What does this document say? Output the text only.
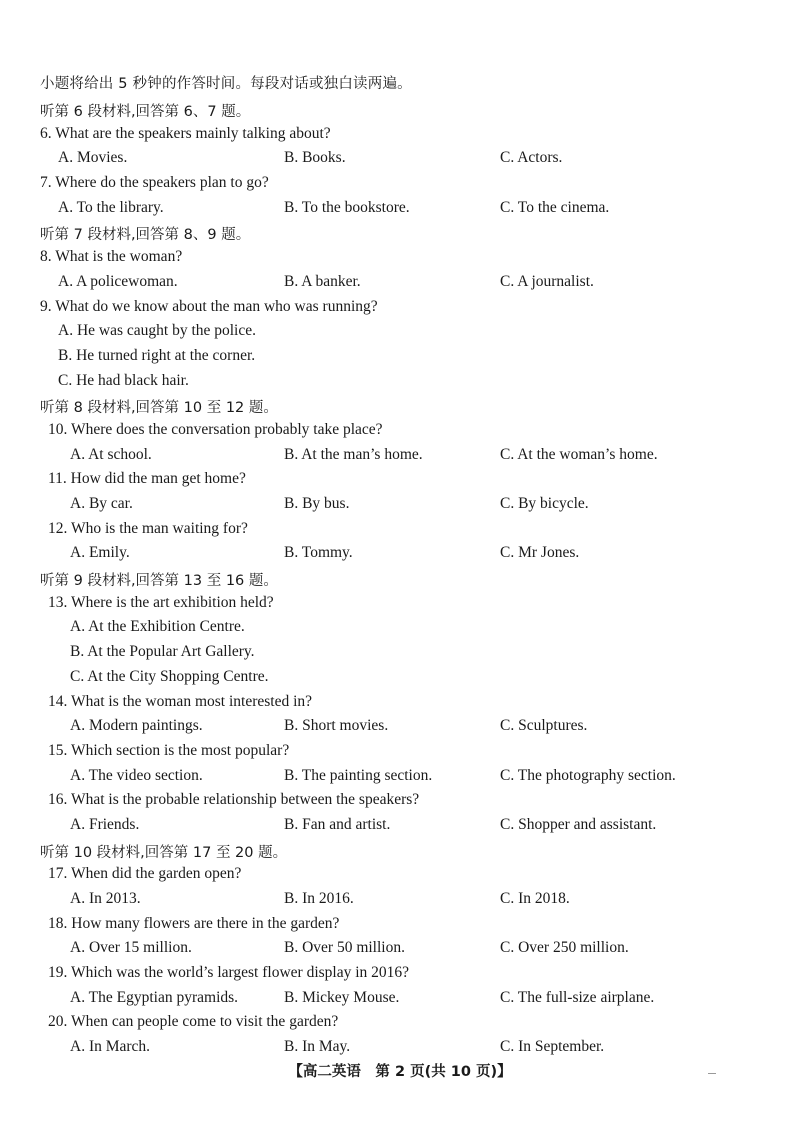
小题将给出 5 秒钟的作答时间。每段对话或独白读两遍。
听第 6 段材料,回答第 6、7 题。
6. What are the speakers mainly talking about?
A. Movies.	B. Books.	C. Actors.
7. Where do the speakers plan to go?
A. To the library.	B. To the bookstore.	C. To the cinema.
听第 7 段材料,回答第 8、9 题。
8. What is the woman?
A. A policewoman.	B. A banker.	C. A journalist.
9. What do we know about the man who was running?
A. He was caught by the police.
B. He turned right at the corner.
C. He had black hair.
听第 8 段材料,回答第 10 至 12 题。
10. Where does the conversation probably take place?
A. At school.	B. At the man’s home.	C. At the woman’s home.
11. How did the man get home?
A. By car.	B. By bus.	C. By bicycle.
12. Who is the man waiting for?
A. Emily.	B. Tommy.	C. Mr Jones.
听第 9 段材料,回答第 13 至 16 题。
13. Where is the art exhibition held?
A. At the Exhibition Centre.
B. At the Popular Art Gallery.
C. At the City Shopping Centre.
14. What is the woman most interested in?
A. Modern paintings.	B. Short movies.	C. Sculptures.
15. Which section is the most popular?
A. The video section.	B. The painting section.	C. The photography section.
16. What is the probable relationship between the speakers?
A. Friends.	B. Fan and artist.	C. Shopper and assistant.
听第 10 段材料,回答第 17 至 20 题。
17. When did the garden open?
A. In 2013.	B. In 2016.	C. In 2018.
18. How many flowers are there in the garden?
A. Over 15 million.	B. Over 50 million.	C. Over 250 million.
19. Which was the world’s largest flower display in 2016?
A. The Egyptian pyramids.	B. Mickey Mouse.	C. The full-size airplane.
20. When can people come to visit the garden?
A. In March.	B. In May.	C. In September.
【高二英语　第 2 页(共 10 页)】
